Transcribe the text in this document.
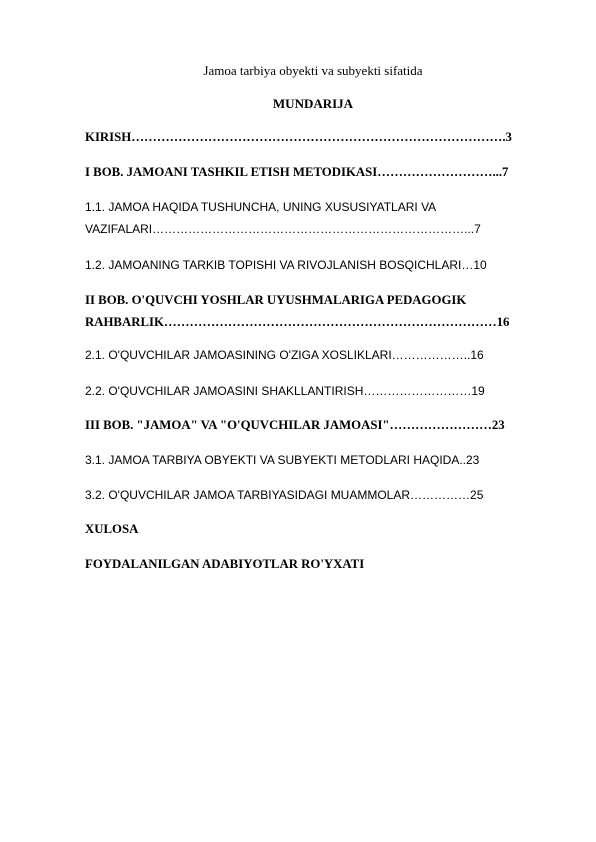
Jamoa tarbiya obyekti va subyekti sifatida
MUNDARIJA
KIRISH…………………………………………………………………………….3
I BOB. JAMOANI TASHKIL ETISH METODIKASI………………………...7
1.1. JAMOA HAQIDA TUSHUNCHA, UNING XUSUSIYATLARI VA
VAZIFALARI……………………………………………………………………...7
1.2. JAMOANING TARKIB TOPISHI VA RIVOJLANISH BOSQICHLARI…10
II BOB. O'QUVCHI YOSHLAR UYUSHMALARIGA PEDAGOGIK
RAHBARLIK……………………………………………………………………16
2.1. O'QUVCHILAR JAMOASINING O'ZIGA XOSLIKLARI………………..16
2.2. O'QUVCHILAR JAMOASINI SHAKLLANTIRISH………………………19
III BOB. "JAMOA" VA "O'QUVCHILAR JAMOASI"……………………23
3.1. JAMOA TARBIYA OBYEKTI VA SUBYEKTI METODLARI HAQIDA..23
3.2. O'QUVCHILAR JAMOA TARBIYASIDAGI MUAMMOLAR……………25
XULOSA
FOYDALANILGAN ADABIYOTLAR RO'YXATI
